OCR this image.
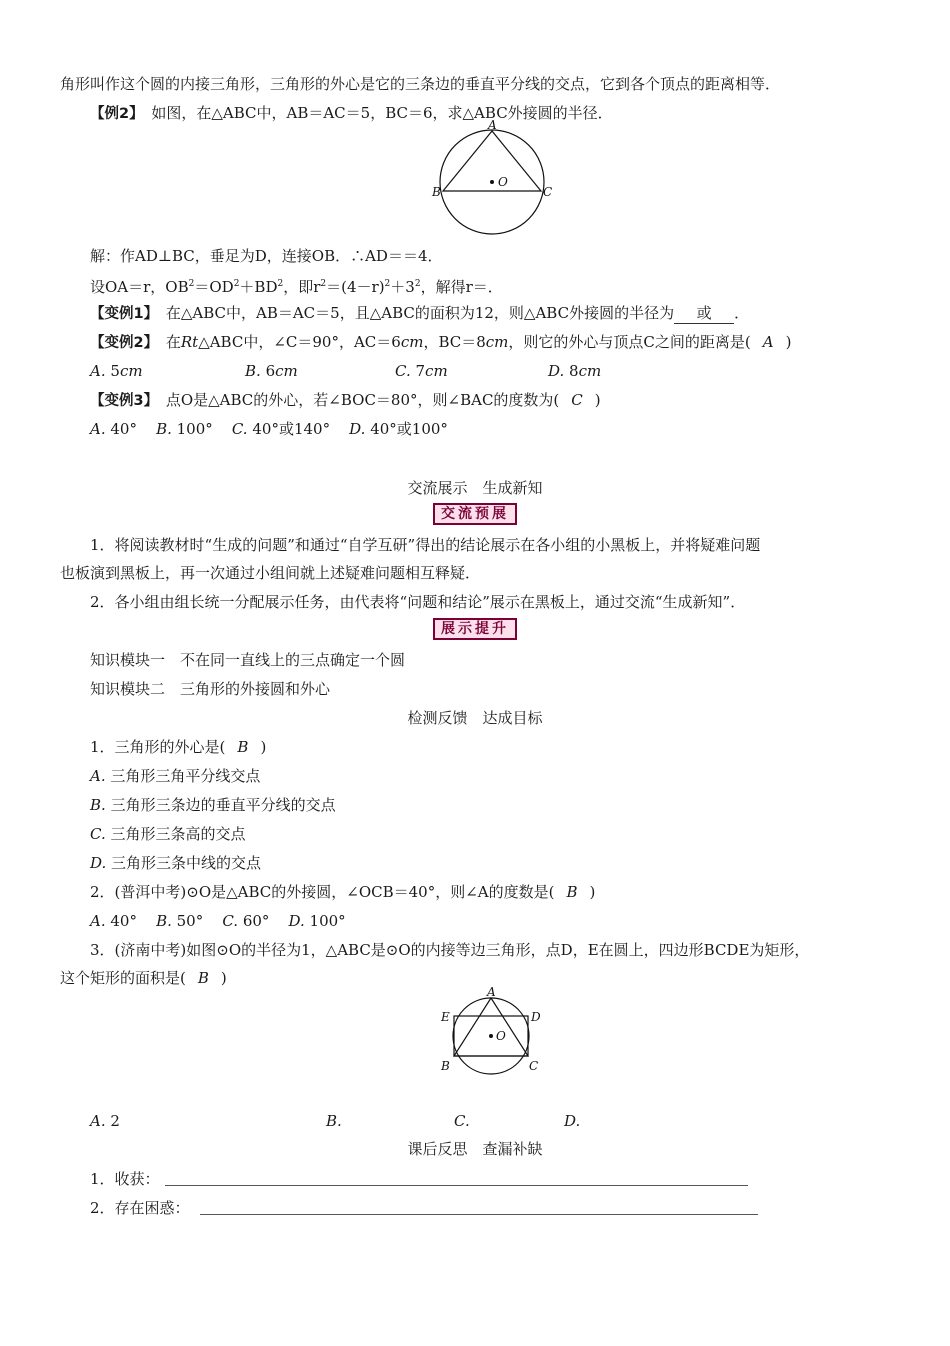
角形叫作这个圆的内接三角形，三角形的外心是它的三条边的垂直平分线的交点，它到各个顶点的距离相等．
【例2】　如图，在△ABC中，AB＝AC＝5，BC＝6，求△ABC外接圆的半径．
A
B	C
O
解：作AD⊥BC，垂足为D，连接OB．∴AD＝＝4．
设OA＝r，$OB^2=OD^2+BD^2$，即$r^2=(4-r)^2+3^2$，解得r＝．
【变例1】　在△ABC中，AB＝AC＝5，且△ABC的面积为12，则△ABC外接圆的半径为 或 ．
【变例2】　在Rt△ABC中，∠C＝90°，AC＝6cm，BC＝8cm，则它的外心与顶点C之间的距离是( A )
A. 5cm	B. 6cm	C. 7cm	D. 8cm
【变例3】　点O是△ABC的外心，若∠BOC＝80°，则∠BAC的度数为( C )
A. 40° B. 100° C. 40°或140° D. 40°或100°
交流展示　生成新知
交流预展
1．将阅读教材时“生成的问题”和通过“自学互研”得出的结论展示在各小组的小黑板上，并将疑难问题
也板演到黑板上，再一次通过小组间就上述疑难问题相互释疑．
2．各小组由组长统一分配展示任务，由代表将“问题和结论”展示在黑板上，通过交流“生成新知”．
展示提升
知识模块一　不在同一直线上的三点确定一个圆
知识模块二　三角形的外接圆和外心
检测反馈　达成目标
1．三角形的外心是( B )
A. 三角形三角平分线交点
B. 三角形三条边的垂直平分线的交点
C. 三角形三条高的交点
D. 三角形三条中线的交点
2．(普洱中考)⊙O是△ABC的外接圆，∠OCB＝40°，则∠A的度数是( B )
A. 40° B. 50° C. 60° D. 100°
3．(济南中考)如图⊙O的半径为1，△ABC是⊙O的内接等边三角形，点D，E在圆上，四边形BCDE为矩形，
这个矩形的面积是( B )
A
E	D
B	C
O
A. 2	B.	C.	D.
课后反思　查漏补缺
1．收获：
2．存在困惑：
